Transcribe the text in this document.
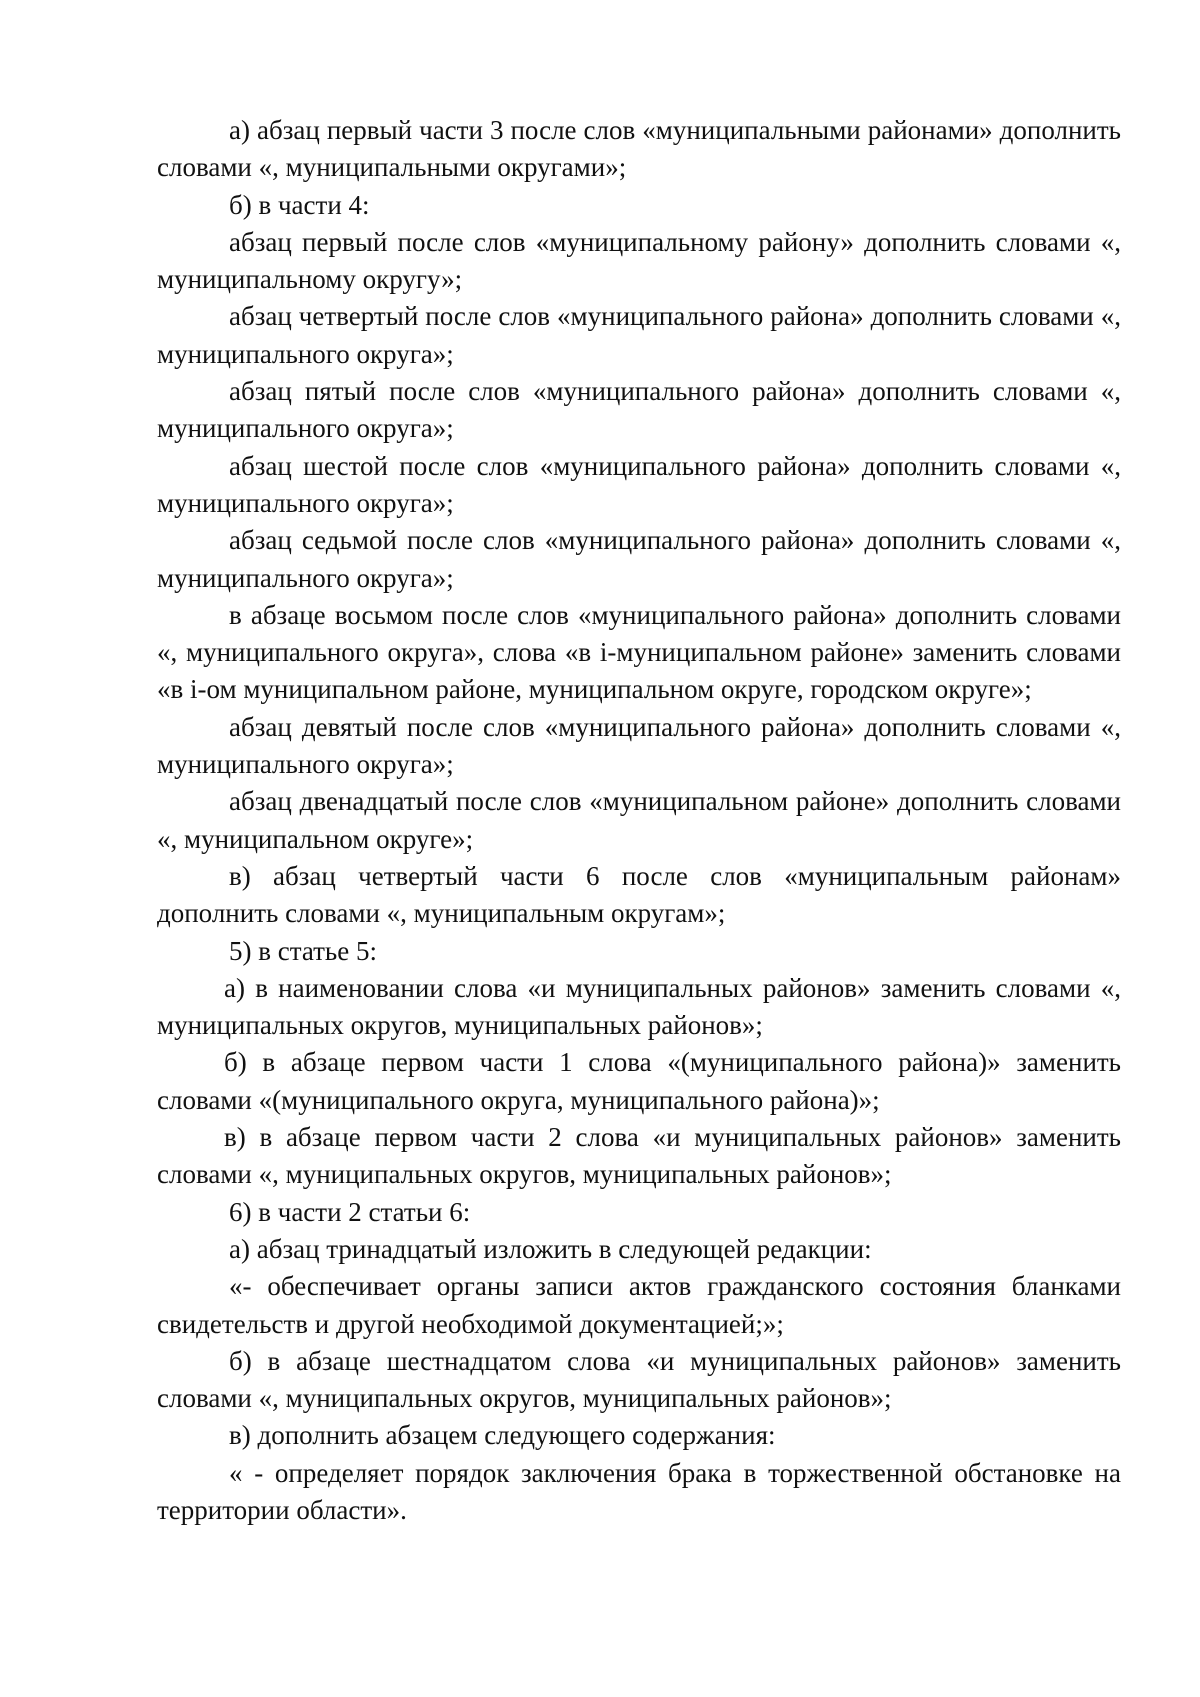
а) абзац первый части 3 после слов «муниципальными районами» дополнить словами «, муниципальными округами»;

б) в части 4:

абзац первый после слов «муниципальному району» дополнить словами «, муниципальному округу»;

абзац четвертый после слов «муниципального района» дополнить словами «, муниципального округа»;

абзац пятый после слов «муниципального района» дополнить словами «, муниципального округа»;

абзац шестой после слов «муниципального района» дополнить словами «, муниципального округа»;

абзац седьмой после слов «муниципального района» дополнить словами «, муниципального округа»;

в абзаце восьмом после слов «муниципального района» дополнить словами «, муниципального округа», слова «в i-муниципальном районе» заменить словами «в i-ом муниципальном районе, муниципальном округе, городском округе»;

абзац девятый после слов «муниципального района» дополнить словами «, муниципального округа»;

абзац двенадцатый после слов «муниципальном районе» дополнить словами «, муниципальном округе»;

в) абзац четвертый части 6 после слов «муниципальным районам» дополнить словами «, муниципальным округам»;

5) в статье 5:

а) в наименовании слова «и муниципальных районов» заменить словами «, муниципальных округов, муниципальных районов»;

б) в абзаце первом части 1 слова «(муниципального района)» заменить словами «(муниципального округа, муниципального района)»;

в) в абзаце первом части 2 слова «и муниципальных районов» заменить словами «, муниципальных округов, муниципальных районов»;

6) в части 2 статьи 6:

а) абзац тринадцатый изложить в следующей редакции:

«- обеспечивает органы записи актов гражданского состояния бланками свидетельств и другой необходимой документацией;»;

б) в абзаце шестнадцатом слова «и муниципальных районов» заменить словами «, муниципальных округов, муниципальных районов»;

в) дополнить абзацем следующего содержания:

« - определяет порядок заключения брака в торжественной обстановке на территории области».
